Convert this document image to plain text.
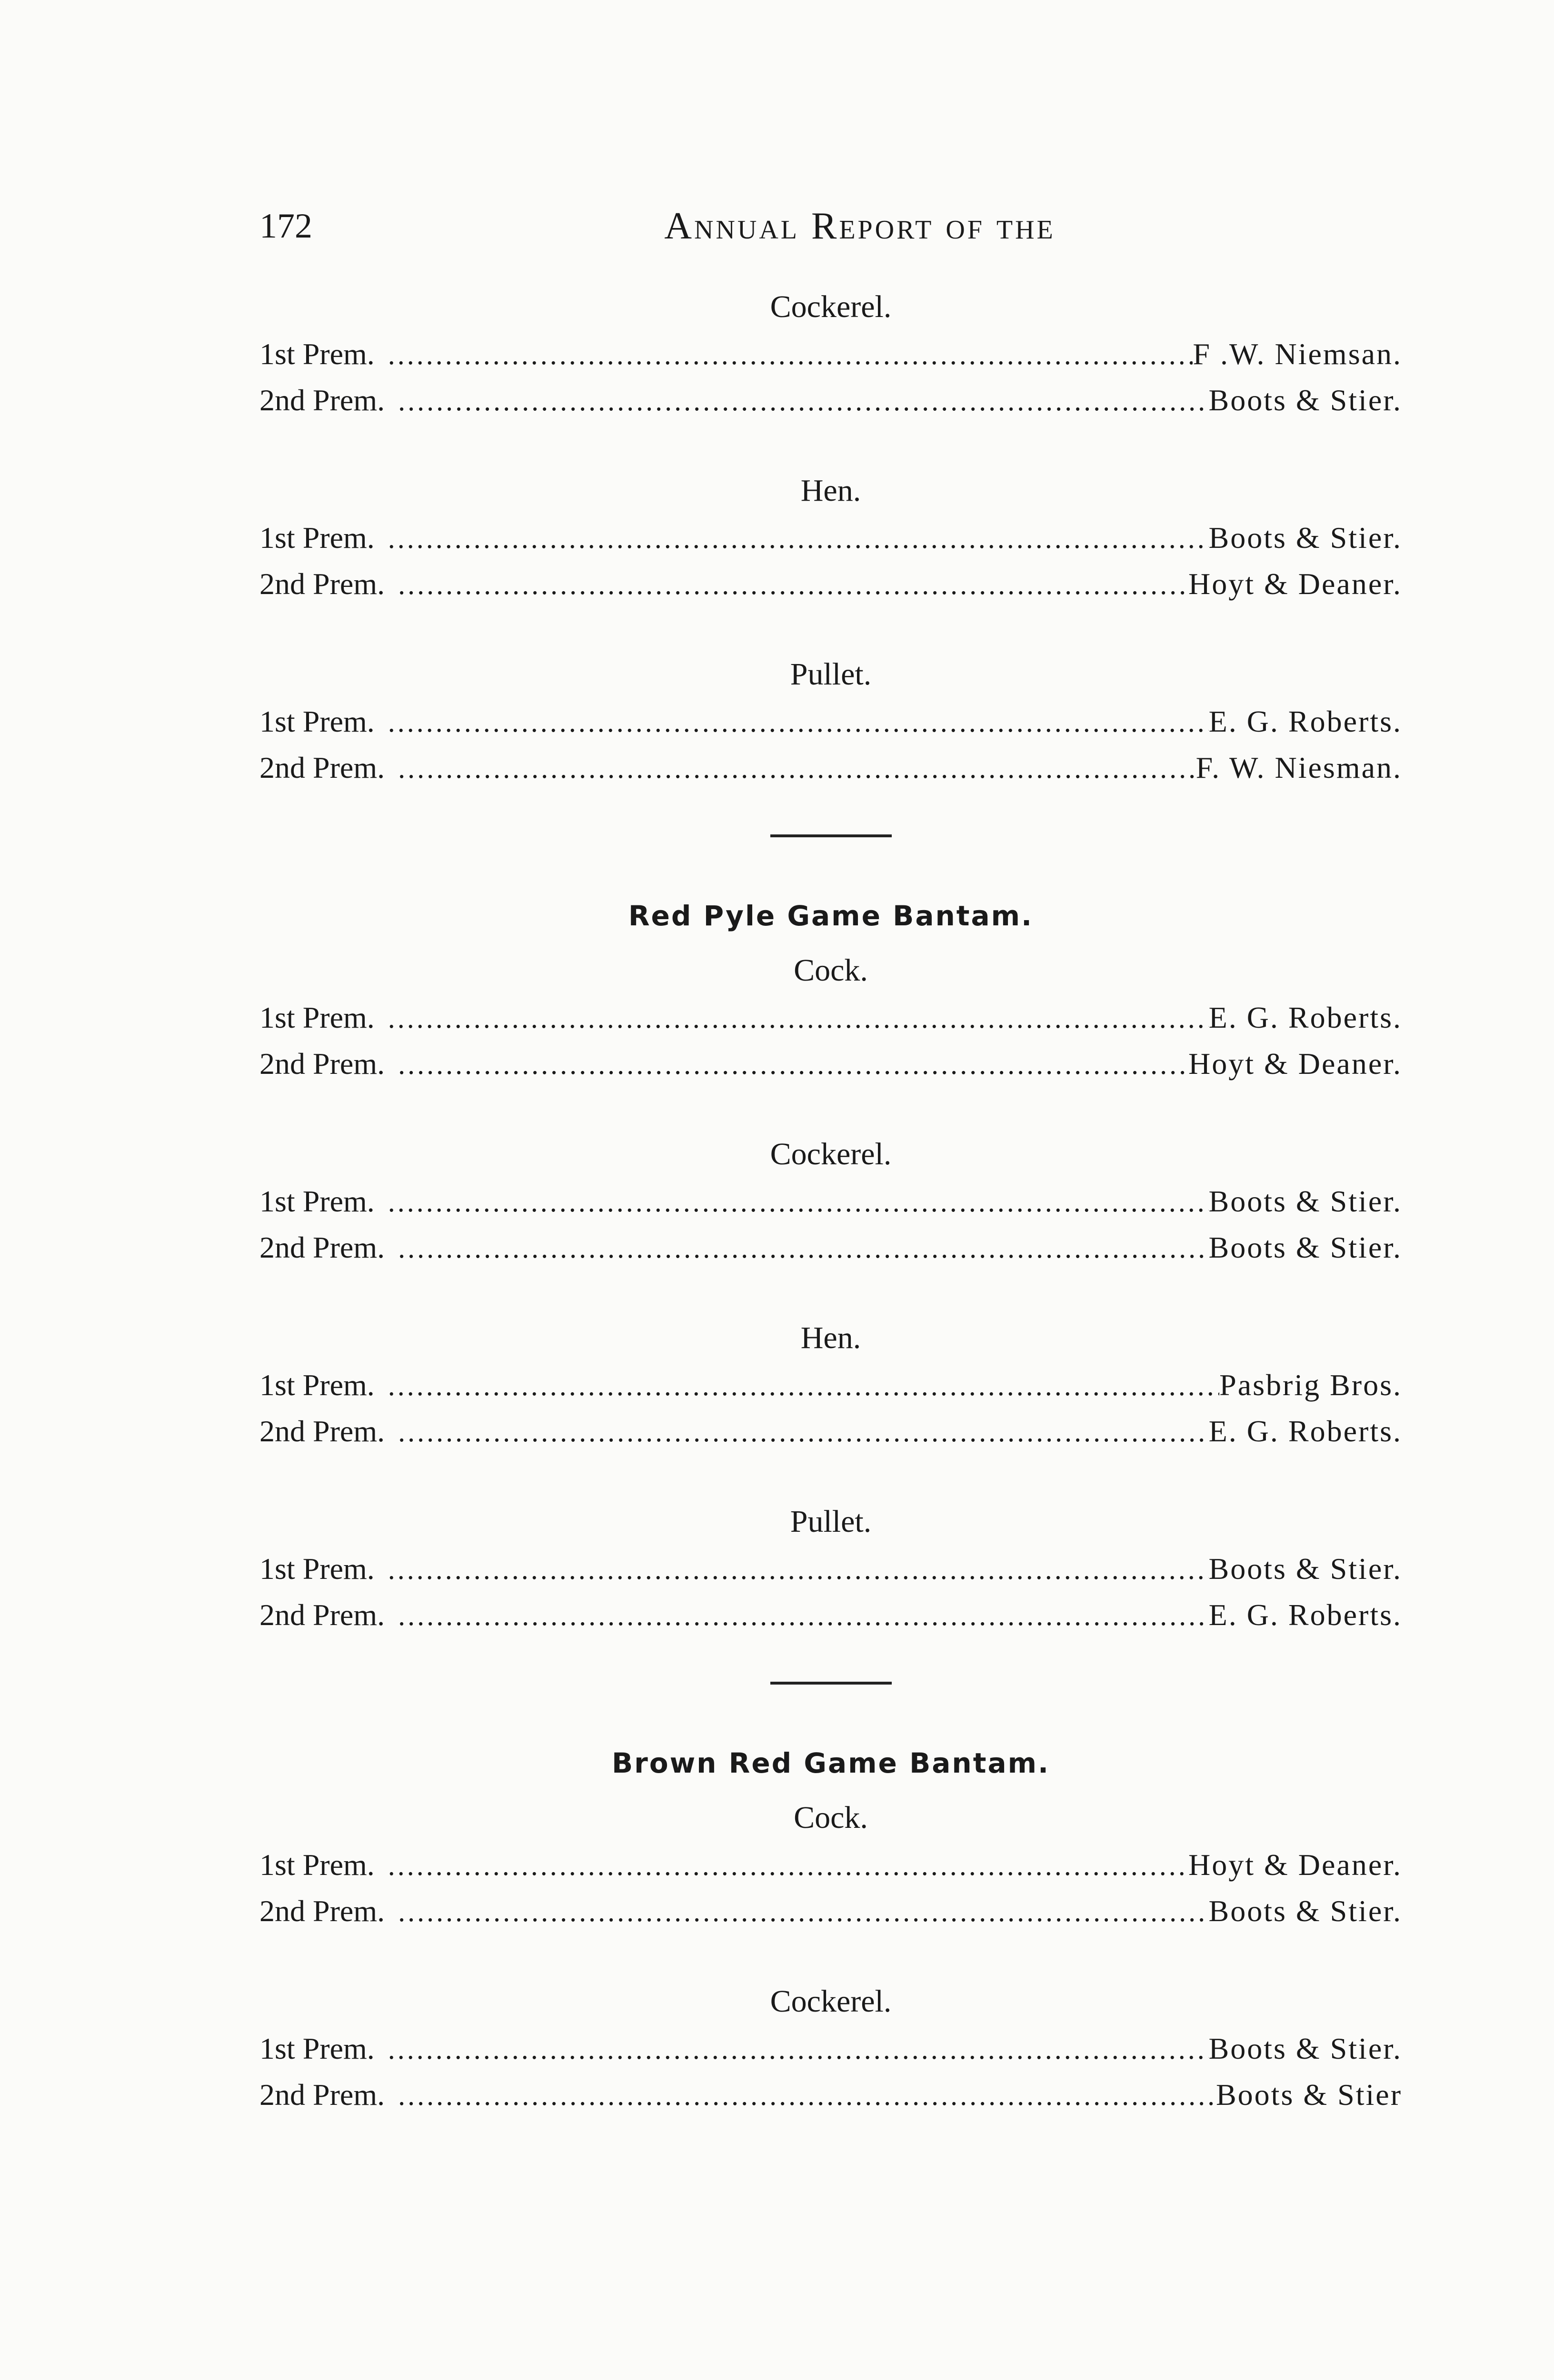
172	Annual Report of the
Cockerel.
1st Prem. .....	F .W. Niemsan.
2nd Prem. .....	Boots & Stier.
Hen.
1st Prem. .....	Boots & Stier.
2nd Prem. .....	Hoyt & Deaner.
Pullet.
1st Prem. .....	E. G. Roberts.
2nd Prem. .....	F. W. Niesman.
Red Pyle Game Bantam.
Cock.
1st Prem. .....	E. G. Roberts.
2nd Prem. .....	Hoyt & Deaner.
Cockerel.
1st Prem. .....	Boots & Stier.
2nd Prem. .....	Boots & Stier.
Hen.
1st Prem. .....	Pasbrig Bros.
2nd Prem. .....	E. G. Roberts.
Pullet.
1st Prem. .....	Boots & Stier.
2nd Prem. .....	E. G. Roberts.
Brown Red Game Bantam.
Cock.
1st Prem. .....	Hoyt & Deaner.
2nd Prem. .....	Boots & Stier.
Cockerel.
1st Prem. .....	Boots & Stier.
2nd Prem. .....	Boots & Stier
